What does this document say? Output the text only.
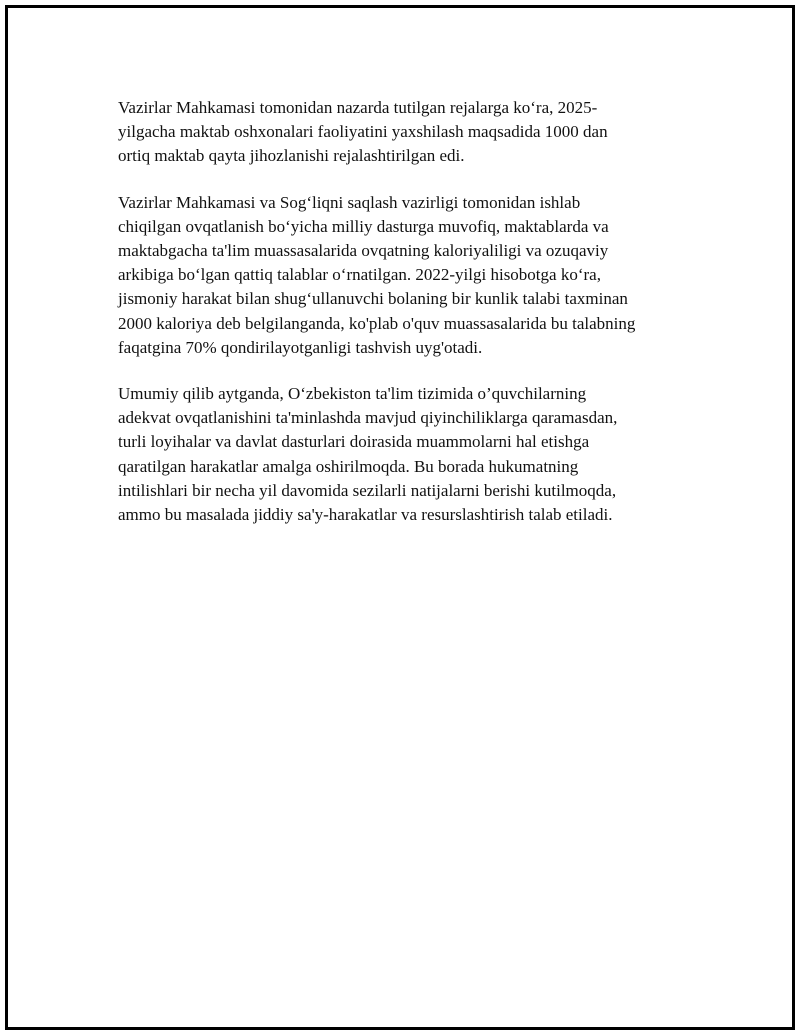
Vazirlar Mahkamasi tomonidan nazarda tutilgan rejalarga ko‘ra, 2025-
yilgacha maktab oshxonalari faoliyatini yaxshilash maqsadida 1000 dan
ortiq maktab qayta jihozlanishi rejalashtirilgan edi.

Vazirlar Mahkamasi va Sog‘liqni saqlash vazirligi tomonidan ishlab
chiqilgan ovqatlanish bo‘yicha milliy dasturga muvofiq, maktablarda va
maktabgacha ta'lim muassasalarida ovqatning kaloriyaliligi va ozuqaviy
arkibiga bo‘lgan qattiq talablar o‘rnatilgan. 2022-yilgi hisobotga ko‘ra,
jismoniy harakat bilan shug‘ullanuvchi bolaning bir kunlik talabi taxminan
2000 kaloriya deb belgilanganda, ko'plab o'quv muassasalarida bu talabning
faqatgina 70% qondirilayotganligi tashvish uyg'otadi.

Umumiy qilib aytganda, O‘zbekiston ta'lim tizimida o’quvchilarning
adekvat ovqatlanishini ta'minlashda mavjud qiyinchiliklarga qaramasdan,
turli loyihalar va davlat dasturlari doirasida muammolarni hal etishga
qaratilgan harakatlar amalga oshirilmoqda. Bu borada hukumatning
intilishlari bir necha yil davomida sezilarli natijalarni berishi kutilmoqda,
ammo bu masalada jiddiy sa'y-harakatlar va resurslashtirish talab etiladi.
